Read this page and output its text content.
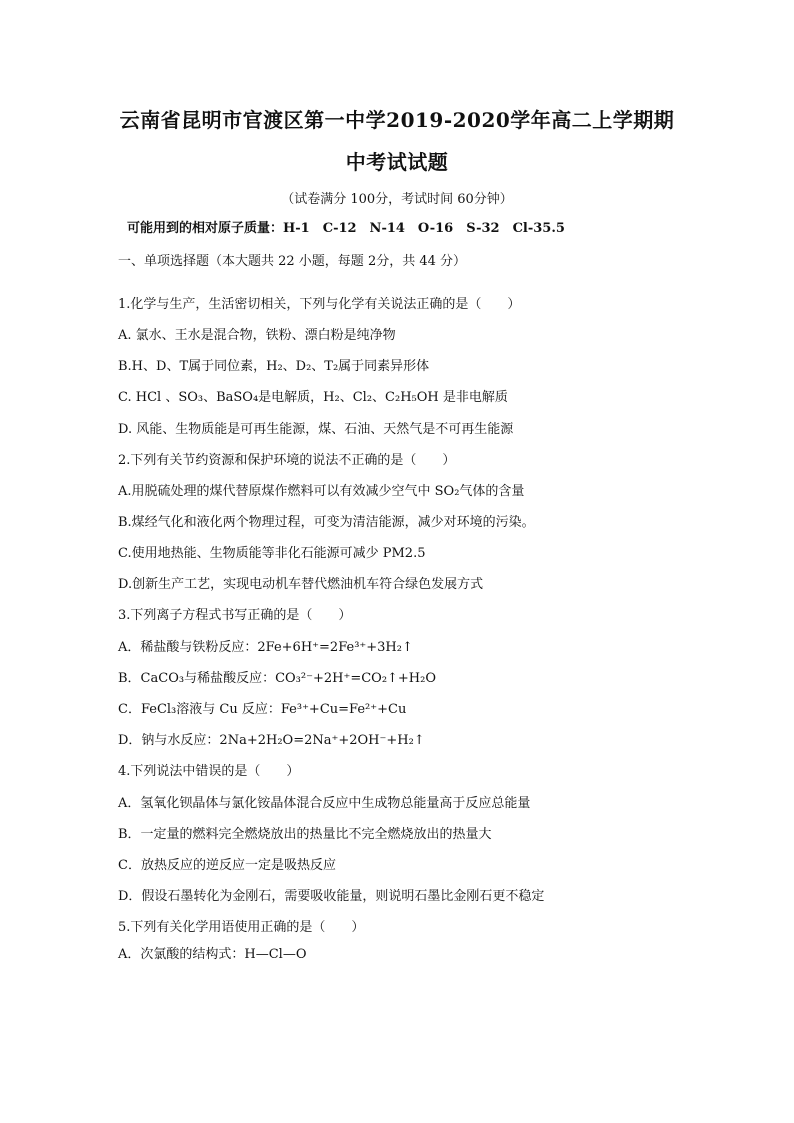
云南省昆明市官渡区第一中学2019-2020学年高二上学期期
中考试试题
（试卷满分 100分，考试时间 60分钟）
可能用到的相对原子质量：H-1　C-12　N-14　O-16　S-32　Cl-35.5
一、单项选择题（本大题共 22 小题，每题 2分，共 44 分）
1.化学与生产，生活密切相关，下列与化学有关说法正确的是（　　）
A. 氯水、王水是混合物，铁粉、漂白粉是纯净物
B.H、D、T属于同位素，H₂、D₂、T₂属于同素异形体
C. HCl 、SO₃、BaSO₄是电解质，H₂、Cl₂、C₂H₅OH 是非电解质
D. 风能、生物质能是可再生能源，煤、石油、天然气是不可再生能源
2.下列有关节约资源和保护环境的说法不正确的是（　　）
A.用脱硫处理的煤代替原煤作燃料可以有效减少空气中 SO₂气体的含量
B.煤经气化和液化两个物理过程，可变为清洁能源，减少对环境的污染。
C.使用地热能、生物质能等非化石能源可减少 PM2.5
D.创新生产工艺，实现电动机车替代燃油机车符合绿色发展方式
3.下列离子方程式书写正确的是（　　）
A．稀盐酸与铁粉反应：2Fe+6H⁺=2Fe³⁺+3H₂↑
B．CaCO₃与稀盐酸反应：CO₃²⁻+2H⁺=CO₂↑+H₂O
C．FeCl₃溶液与 Cu 反应：Fe³⁺+Cu=Fe²⁺+Cu
D．钠与水反应：2Na+2H₂O=2Na⁺+2OH⁻+H₂↑
4.下列说法中错误的是（　　）
A．氢氧化钡晶体与氯化铵晶体混合反应中生成物总能量高于反应总能量
B．一定量的燃料完全燃烧放出的热量比不完全燃烧放出的热量大
C．放热反应的逆反应一定是吸热反应
D．假设石墨转化为金刚石，需要吸收能量，则说明石墨比金刚石更不稳定
5.下列有关化学用语使用正确的是（　　）
A．次氯酸的结构式：H—Cl—O
